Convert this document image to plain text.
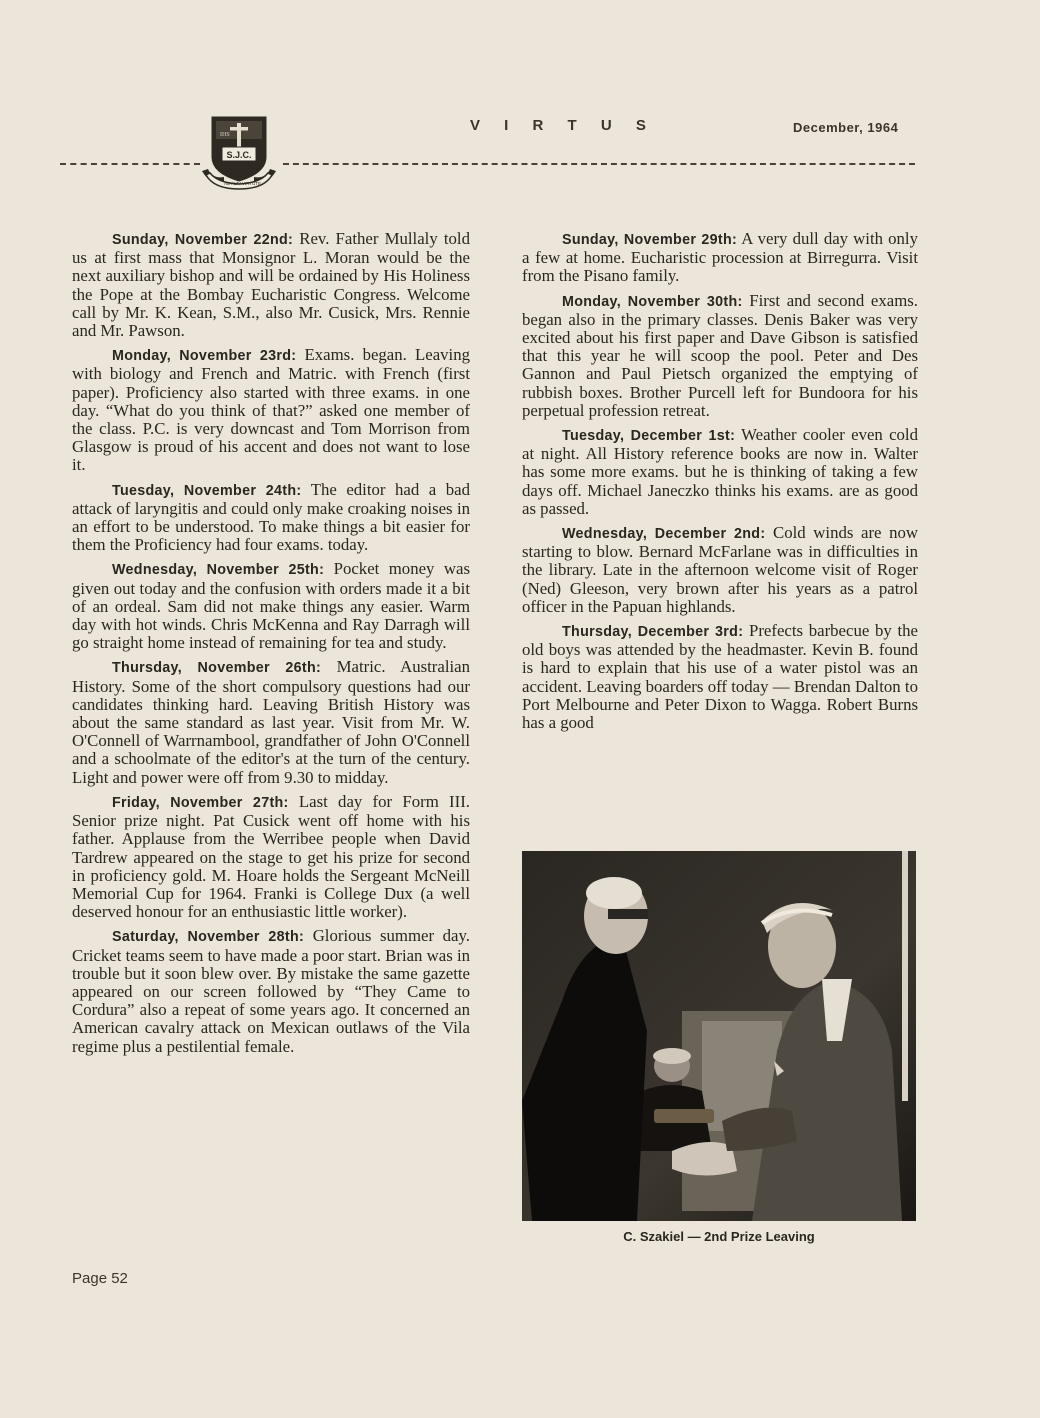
V I R T U S	December, 1964
IHS
S.J.C.
AD ALTA VIRTUTE

Sunday, November 22nd: Rev. Father Mullaly told us at first mass that Monsignor L. Moran would be the next auxiliary bishop and will be ordained by His Holiness the Pope at the Bombay Eucharistic Congress. Welcome call by Mr. K. Kean, S.M., also Mr. Cusick, Mrs. Rennie and Mr. Pawson.

Monday, November 23rd: Exams. began. Leaving with biology and French and Matric. with French (first paper). Proficiency also started with three exams. in one day. “What do you think of that?” asked one member of the class. P.C. is very downcast and Tom Morrison from Glasgow is proud of his accent and does not want to lose it.

Tuesday, November 24th: The editor had a bad attack of laryngitis and could only make croaking noises in an effort to be understood. To make things a bit easier for them the Proficiency had four exams. today.

Wednesday, November 25th: Pocket money was given out today and the confusion with orders made it a bit of an ordeal. Sam did not make things any easier. Warm day with hot winds. Chris McKenna and Ray Darragh will go straight home instead of remaining for tea and study.

Thursday, November 26th: Matric. Australian History. Some of the short compulsory questions had our candidates thinking hard. Leaving British History was about the same standard as last year. Visit from Mr. W. O'Connell of Warrnambool, grandfather of John O'Connell and a schoolmate of the editor's at the turn of the century. Light and power were off from 9.30 to midday.

Friday, November 27th: Last day for Form III. Senior prize night. Pat Cusick went off home with his father. Applause from the Werribee people when David Tardrew appeared on the stage to get his prize for second in proficiency gold. M. Hoare holds the Sergeant McNeill Memorial Cup for 1964. Franki is College Dux (a well deserved honour for an enthusiastic little worker).

Saturday, November 28th: Glorious summer day. Cricket teams seem to have made a poor start. Brian was in trouble but it soon blew over. By mistake the same gazette appeared on our screen followed by “They Came to Cordura” also a repeat of some years ago. It concerned an American cavalry attack on Mexican outlaws of the Vila regime plus a pestilential female.

Sunday, November 29th: A very dull day with only a few at home. Eucharistic procession at Birregurra. Visit from the Pisano family.

Monday, November 30th: First and second exams. began also in the primary classes. Denis Baker was very excited about his first paper and Dave Gibson is satisfied that this year he will scoop the pool. Peter and Des Gannon and Paul Pietsch organized the emptying of rubbish boxes. Brother Purcell left for Bundoora for his perpetual profession retreat.

Tuesday, December 1st: Weather cooler even cold at night. All History reference books are now in. Walter has some more exams. but he is thinking of taking a few days off. Michael Janeczko thinks his exams. are as good as passed.

Wednesday, December 2nd: Cold winds are now starting to blow. Bernard McFarlane was in difficulties in the library. Late in the afternoon welcome visit of Roger (Ned) Gleeson, very brown after his years as a patrol officer in the Papuan highlands.

Thursday, December 3rd: Prefects barbecue by the old boys was attended by the headmaster. Kevin B. found is hard to explain that his use of a water pistol was an accident. Leaving boarders off today — Brendan Dalton to Port Melbourne and Peter Dixon to Wagga. Robert Burns has a good

C. Szakiel — 2nd Prize Leaving
Page 52
